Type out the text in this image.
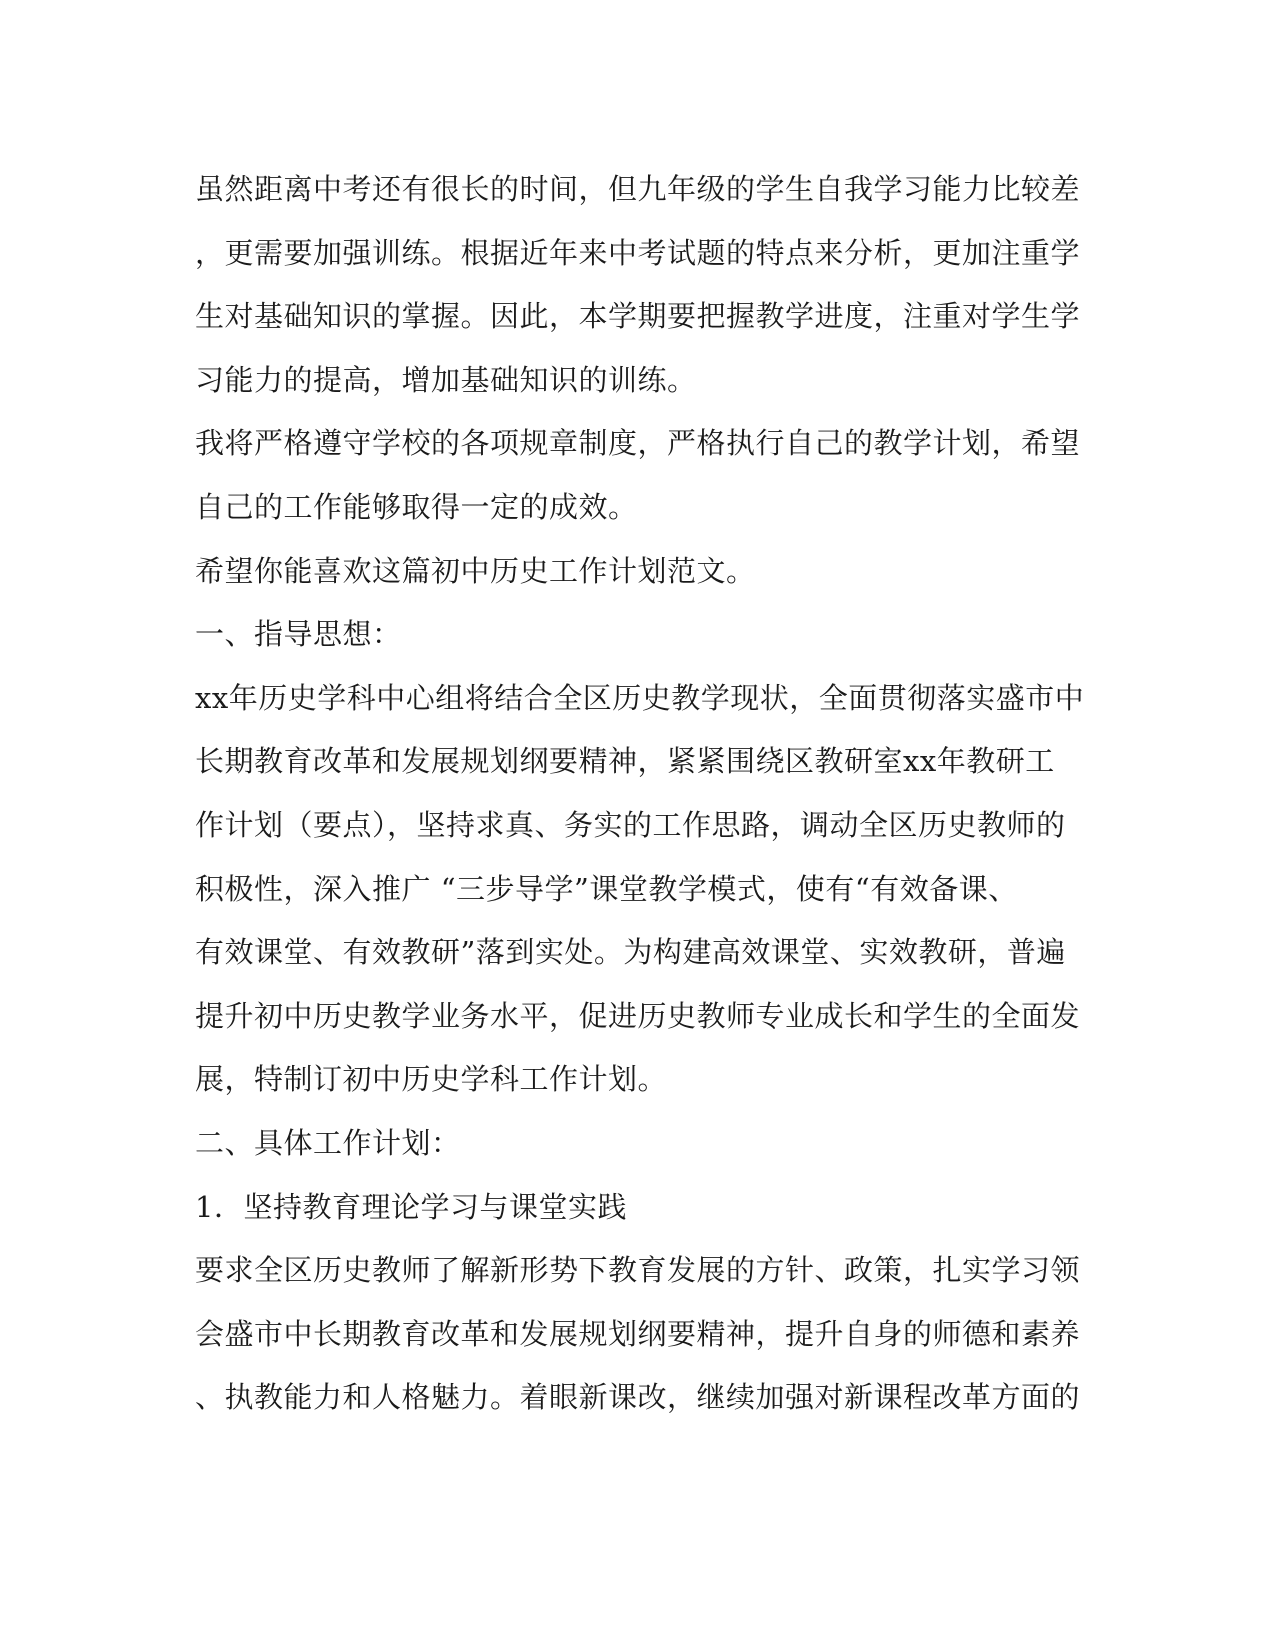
虽然距离中考还有很长的时间，但九年级的学生自我学习能力比较差
，更需要加强训练。根据近年来中考试题的特点来分析，更加注重学
生对基础知识的掌握。因此，本学期要把握教学进度，注重对学生学
习能力的提高，增加基础知识的训练。
我将严格遵守学校的各项规章制度，严格执行自己的教学计划，希望
自己的工作能够取得一定的成效。
希望你能喜欢这篇初中历史工作计划范文。
一、指导思想：
xx年历史学科中心组将结合全区历史教学现状，全面贯彻落实盛市中
长期教育改革和发展规划纲要精神，紧紧围绕区教研室xx年教研工
作计划（要点），坚持求真、务实的工作思路，调动全区历史教师的
积极性，深入推广 “三步导学”课堂教学模式，使有“有效备课、
有效课堂、有效教研”落到实处。为构建高效课堂、实效教研，普遍
提升初中历史教学业务水平，促进历史教师专业成长和学生的全面发
展，特制订初中历史学科工作计划。
二、具体工作计划：
1．坚持教育理论学习与课堂实践
要求全区历史教师了解新形势下教育发展的方针、政策，扎实学习领
会盛市中长期教育改革和发展规划纲要精神，提升自身的师德和素养
、执教能力和人格魅力。着眼新课改，继续加强对新课程改革方面的
